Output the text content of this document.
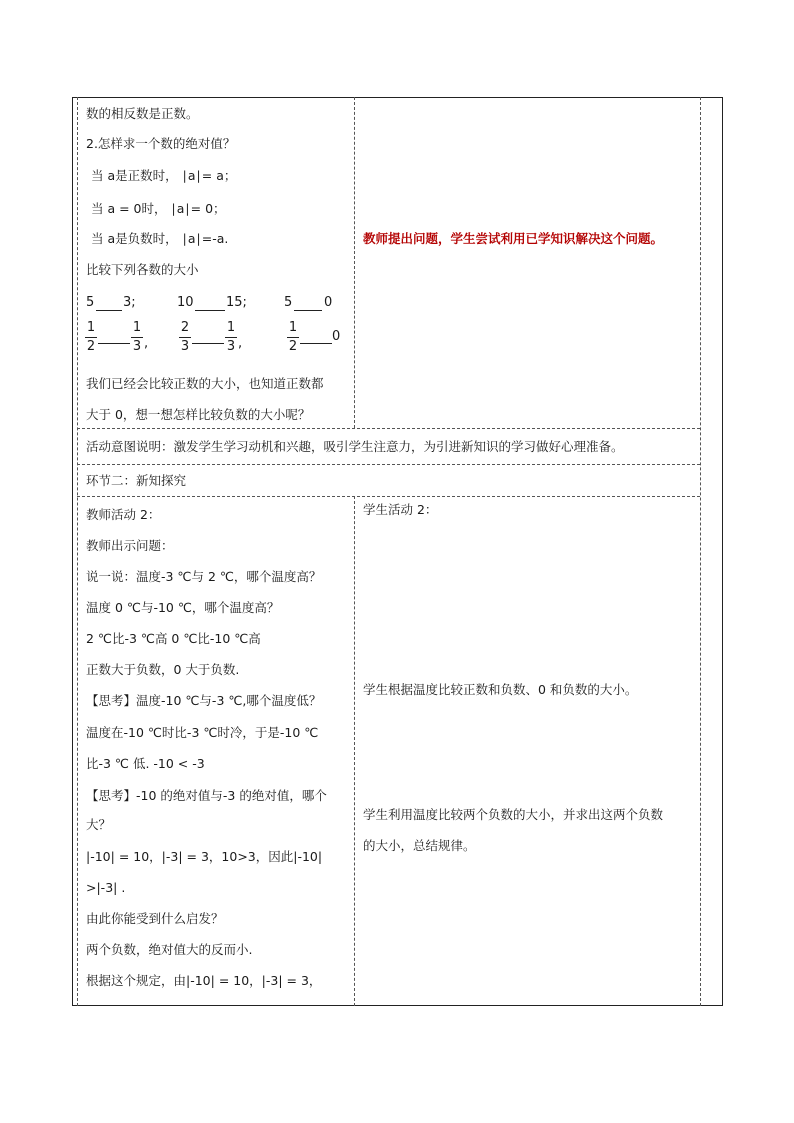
数的相反数是正数。
2.怎样求一个数的绝对值？
当 a是正数时， ∣a∣= a；
当 a = 0时， ∣a∣= 0；
当 a是负数时， ∣a∣=-a.
比较下列各数的大小
5 3;	10 15;	5 0
1
2
1
3 ,
2
3
1
3 ,
1
2
0
我们已经会比较正数的大小，也知道正数都
大于 0，想一想怎样比较负数的大小呢？
教师提出问题，学生尝试利用已学知识解决这个问题。
活动意图说明：激发学生学习动机和兴趣，吸引学生注意力，为引进新知识的学习做好心理准备。
环节二：新知探究
教师活动 2：
教师出示问题：
说一说：温度-3 ℃与 2 ℃，哪个温度高？
温度 0 ℃与-10 ℃，哪个温度高？
2 ℃比-3 ℃高 0 ℃比-10 ℃高
正数大于负数，0 大于负数.
【思考】温度-10 ℃与-3 ℃,哪个温度低？
温度在-10 ℃时比-3 ℃时冷，于是-10 ℃
比-3 ℃ 低. -10 < -3
【思考】-10 的绝对值与-3 的绝对值，哪个
大？
|-10| = 10，|-3| = 3，10>3，因此|-10|
>|-3| .
由此你能受到什么启发？
两个负数，绝对值大的反而小.
根据这个规定，由|-10| = 10，|-3| = 3，
学生活动 2：
学生根据温度比较正数和负数、0 和负数的大小。
学生利用温度比较两个负数的大小，并求出这两个负数
的大小，总结规律。
